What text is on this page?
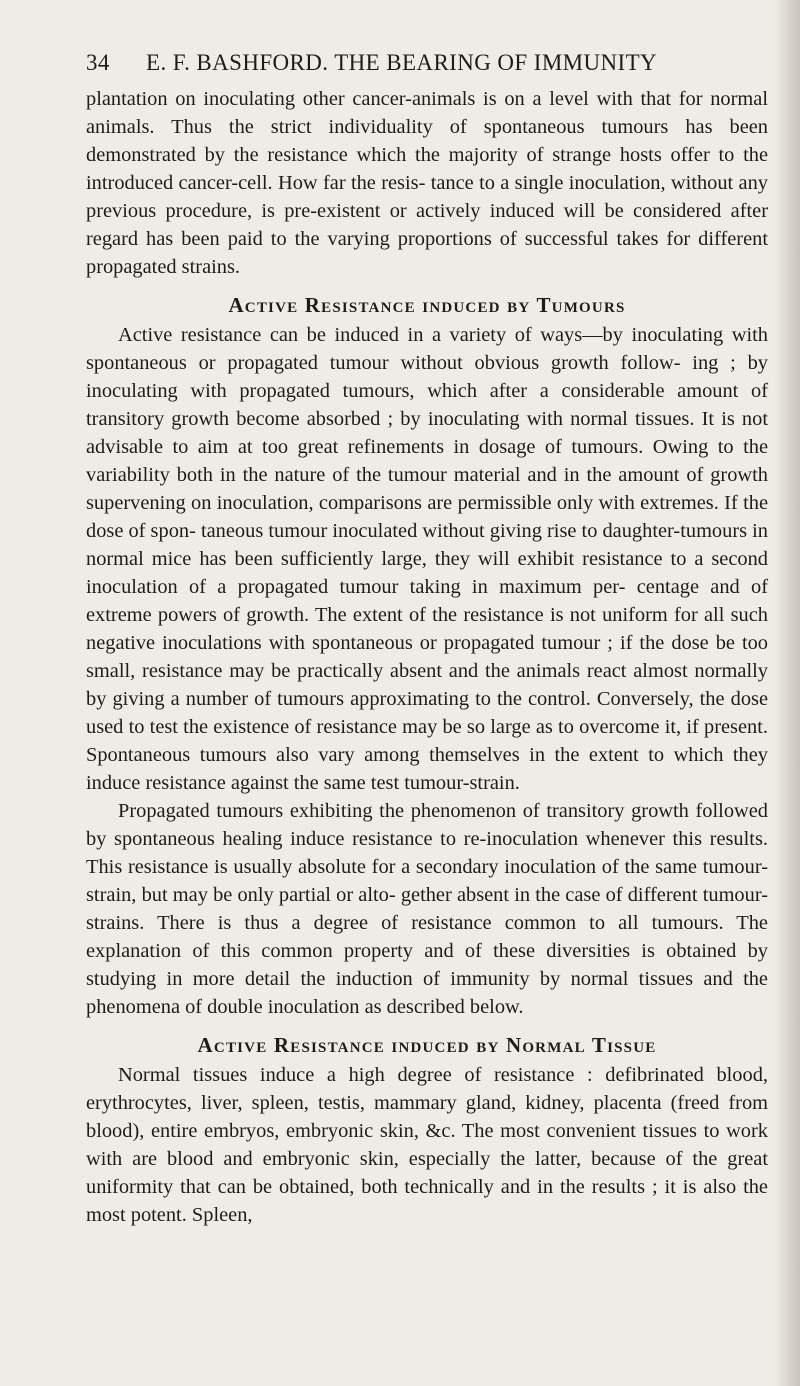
34	E. F. BASHFORD. THE BEARING OF IMMUNITY

plantation on inoculating other cancer-animals is on a level with that for normal animals. Thus the strict individuality of spontaneous tumours has been demonstrated by the resistance which the majority of strange hosts offer to the introduced cancer-cell. How far the resis- tance to a single inoculation, without any previous procedure, is pre-existent or actively induced will be considered after regard has been paid to the varying proportions of successful takes for different propagated strains.

Active Resistance induced by Tumours

Active resistance can be induced in a variety of ways—by inoculating with spontaneous or propagated tumour without obvious growth follow- ing ; by inoculating with propagated tumours, which after a considerable amount of transitory growth become absorbed ; by inoculating with normal tissues. It is not advisable to aim at too great refinements in dosage of tumours. Owing to the variability both in the nature of the tumour material and in the amount of growth supervening on inoculation, comparisons are permissible only with extremes. If the dose of spon- taneous tumour inoculated without giving rise to daughter-tumours in normal mice has been sufficiently large, they will exhibit resistance to a second inoculation of a propagated tumour taking in maximum per- centage and of extreme powers of growth. The extent of the resistance is not uniform for all such negative inoculations with spontaneous or propagated tumour ; if the dose be too small, resistance may be practically absent and the animals react almost normally by giving a number of tumours approximating to the control. Conversely, the dose used to test the existence of resistance may be so large as to overcome it, if present. Spontaneous tumours also vary among themselves in the extent to which they induce resistance against the same test tumour-strain.

Propagated tumours exhibiting the phenomenon of transitory growth followed by spontaneous healing induce resistance to re-inoculation whenever this results. This resistance is usually absolute for a secondary inoculation of the same tumour-strain, but may be only partial or alto- gether absent in the case of different tumour-strains. There is thus a degree of resistance common to all tumours. The explanation of this common property and of these diversities is obtained by studying in more detail the induction of immunity by normal tissues and the phenomena of double inoculation as described below.

Active Resistance induced by Normal Tissue

Normal tissues induce a high degree of resistance : defibrinated blood, erythrocytes, liver, spleen, testis, mammary gland, kidney, placenta (freed from blood), entire embryos, embryonic skin, &c. The most convenient tissues to work with are blood and embryonic skin, especially the latter, because of the great uniformity that can be obtained, both technically and in the results ; it is also the most potent. Spleen,
